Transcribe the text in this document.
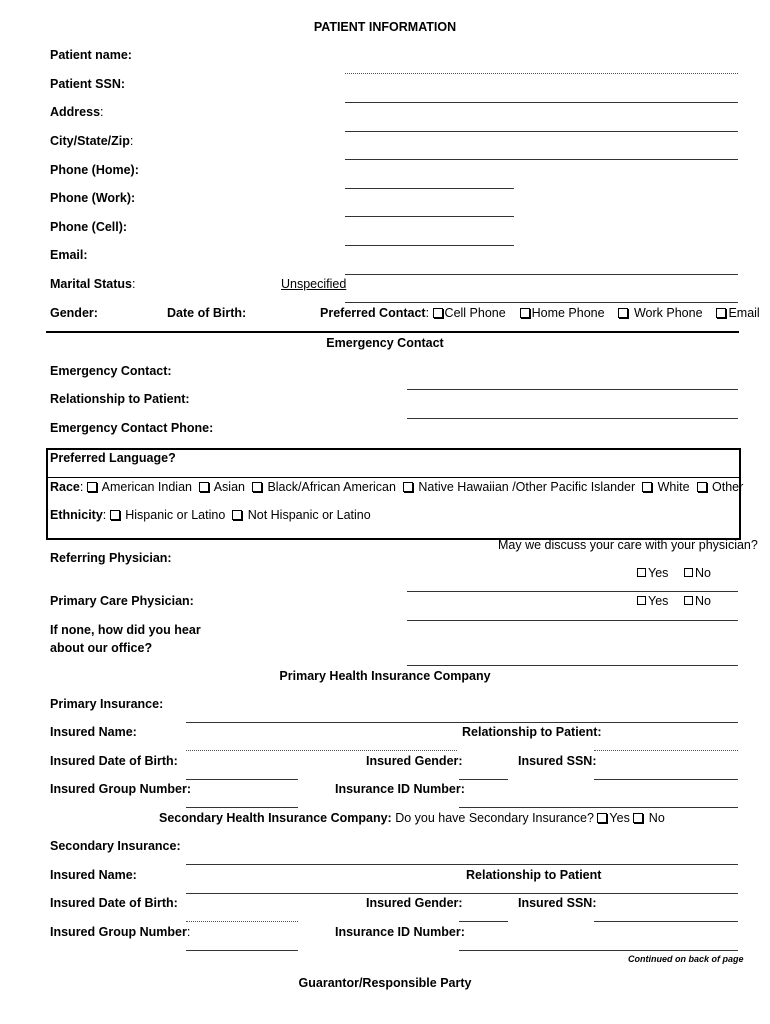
PATIENT INFORMATION
Patient name:
Patient SSN:
Address:
City/State/Zip:
Phone (Home):
Phone (Work):
Phone (Cell):
Email:
Marital Status:	Unspecified
Gender:	Date of Birth:	Preferred Contact: Cell Phone Home Phone Work Phone Email
Emergency Contact
Emergency Contact:
Relationship to Patient:
Emergency Contact Phone:
Preferred Language?
Race:  American Indian Asian Black/African American Native Hawaiian /Other Pacific Islander White Other
Ethnicity:  Hispanic or Latino Not Hispanic or Latino
May we discuss your care with your physician?
Referring Physician:
Yes	No
Primary Care Physician:	Yes	No
If none, how did you hear
about our office?
Primary Health Insurance Company
Primary Insurance:
Insured Name:	Relationship to Patient:
Insured Date of Birth:	Insured Gender:	Insured SSN:
Insured Group Number:	Insurance ID Number:
Secondary Health Insurance Company: Do you have Secondary Insurance? Yes No
Secondary Insurance:
Insured Name:	Relationship to Patient
Insured Date of Birth:	Insured Gender:	Insured SSN:
Insured Group Number:	Insurance ID Number:
Continued on back of page
Guarantor/Responsible Party
